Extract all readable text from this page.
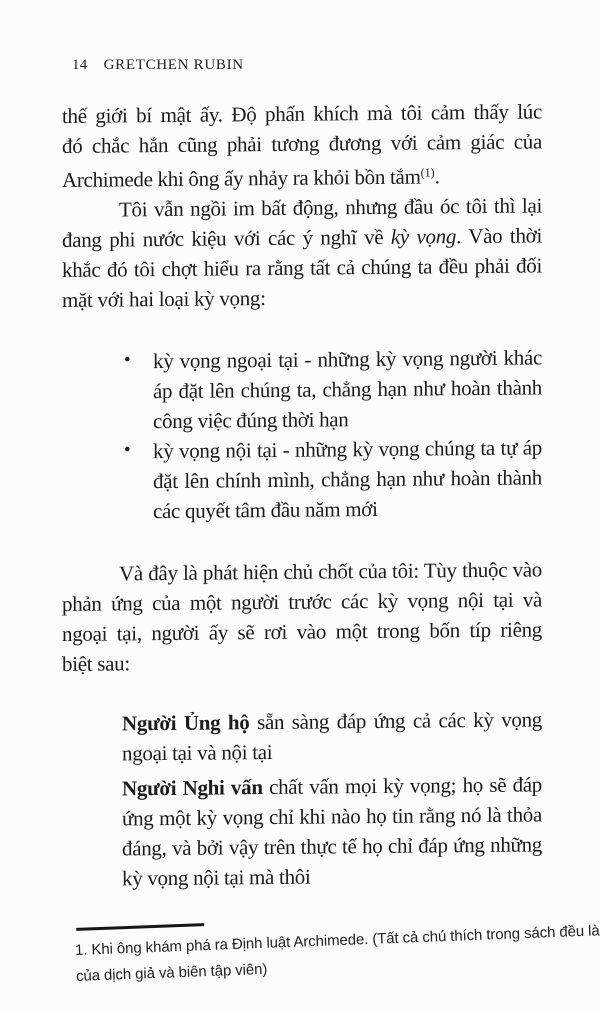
14 GRETCHEN RUBIN
thế giới bí mật ấy. Độ phấn khích mà tôi cảm thấy lúc
đó chắc hẳn cũng phải tương đương với cảm giác của
Archimede khi ông ấy nhảy ra khỏi bồn tắm$^{(1)}$.
Tôi vẫn ngồi im bất động, nhưng đầu óc tôi thì lại
đang phi nước kiệu với các ý nghĩ về kỳ vọng. Vào thời
khắc đó tôi chợt hiểu ra rằng tất cả chúng ta đều phải đối
mặt với hai loại kỳ vọng:
• kỳ vọng ngoại tại - những kỳ vọng người khác
áp đặt lên chúng ta, chẳng hạn như hoàn thành
công việc đúng thời hạn
• kỳ vọng nội tại - những kỳ vọng chúng ta tự áp
đặt lên chính mình, chẳng hạn như hoàn thành
các quyết tâm đầu năm mới
Và đây là phát hiện chủ chốt của tôi: Tùy thuộc vào
phản ứng của một người trước các kỳ vọng nội tại và
ngoại tại, người ấy sẽ rơi vào một trong bốn típ riêng
biệt sau:
Người Ủng hộ sẵn sàng đáp ứng cả các kỳ vọng
ngoại tại và nội tại
Người Nghi vấn chất vấn mọi kỳ vọng; họ sẽ đáp
ứng một kỳ vọng chỉ khi nào họ tin rằng nó là thỏa
đáng, và bởi vậy trên thực tế họ chỉ đáp ứng những
kỳ vọng nội tại mà thôi
1. Khi ông khám phá ra Định luật Archimede. (Tất cả chú thích trong sách đều là
của dịch giả và biên tập viên)
